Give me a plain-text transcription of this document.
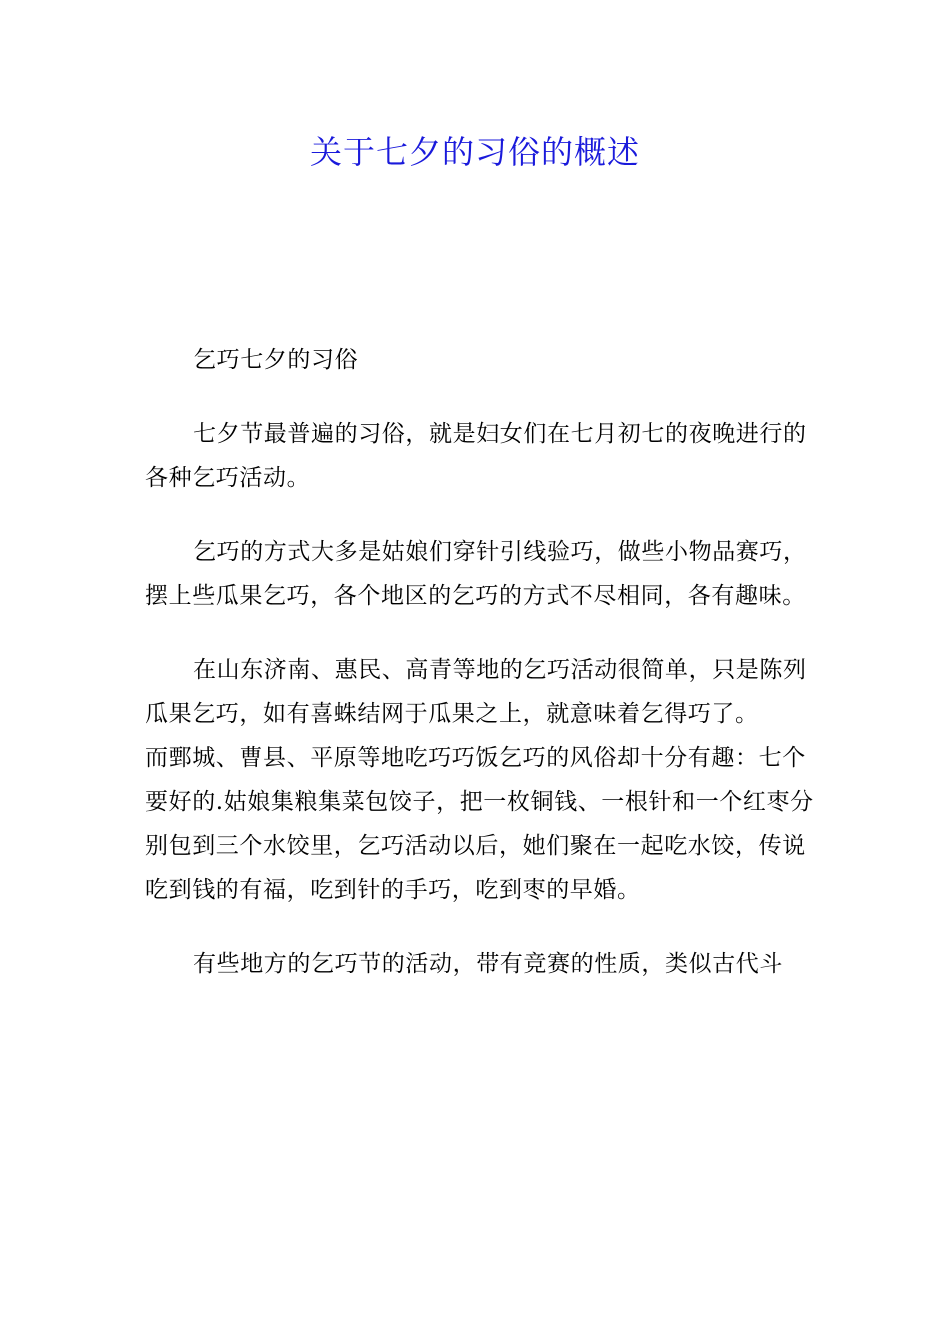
关于七夕的习俗的概述

乞巧七夕的习俗

七夕节最普遍的习俗，就是妇女们在七月初七的夜晚进行的各种乞巧活动。

乞巧的方式大多是姑娘们穿针引线验巧，做些小物品赛巧，摆上些瓜果乞巧，各个地区的乞巧的方式不尽相同，各有趣味。

在山东济南、惠民、高青等地的乞巧活动很简单，只是陈列瓜果乞巧，如有喜蛛结网于瓜果之上，就意味着乞得巧了。

而鄄城、曹县、平原等地吃巧巧饭乞巧的风俗却十分有趣：七个要好的.姑娘集粮集菜包饺子，把一枚铜钱、一根针和一个红枣分别包到三个水饺里，乞巧活动以后，她们聚在一起吃水饺，传说吃到钱的有福，吃到针的手巧，吃到枣的早婚。

有些地方的乞巧节的活动，带有竞赛的性质，类似古代斗
